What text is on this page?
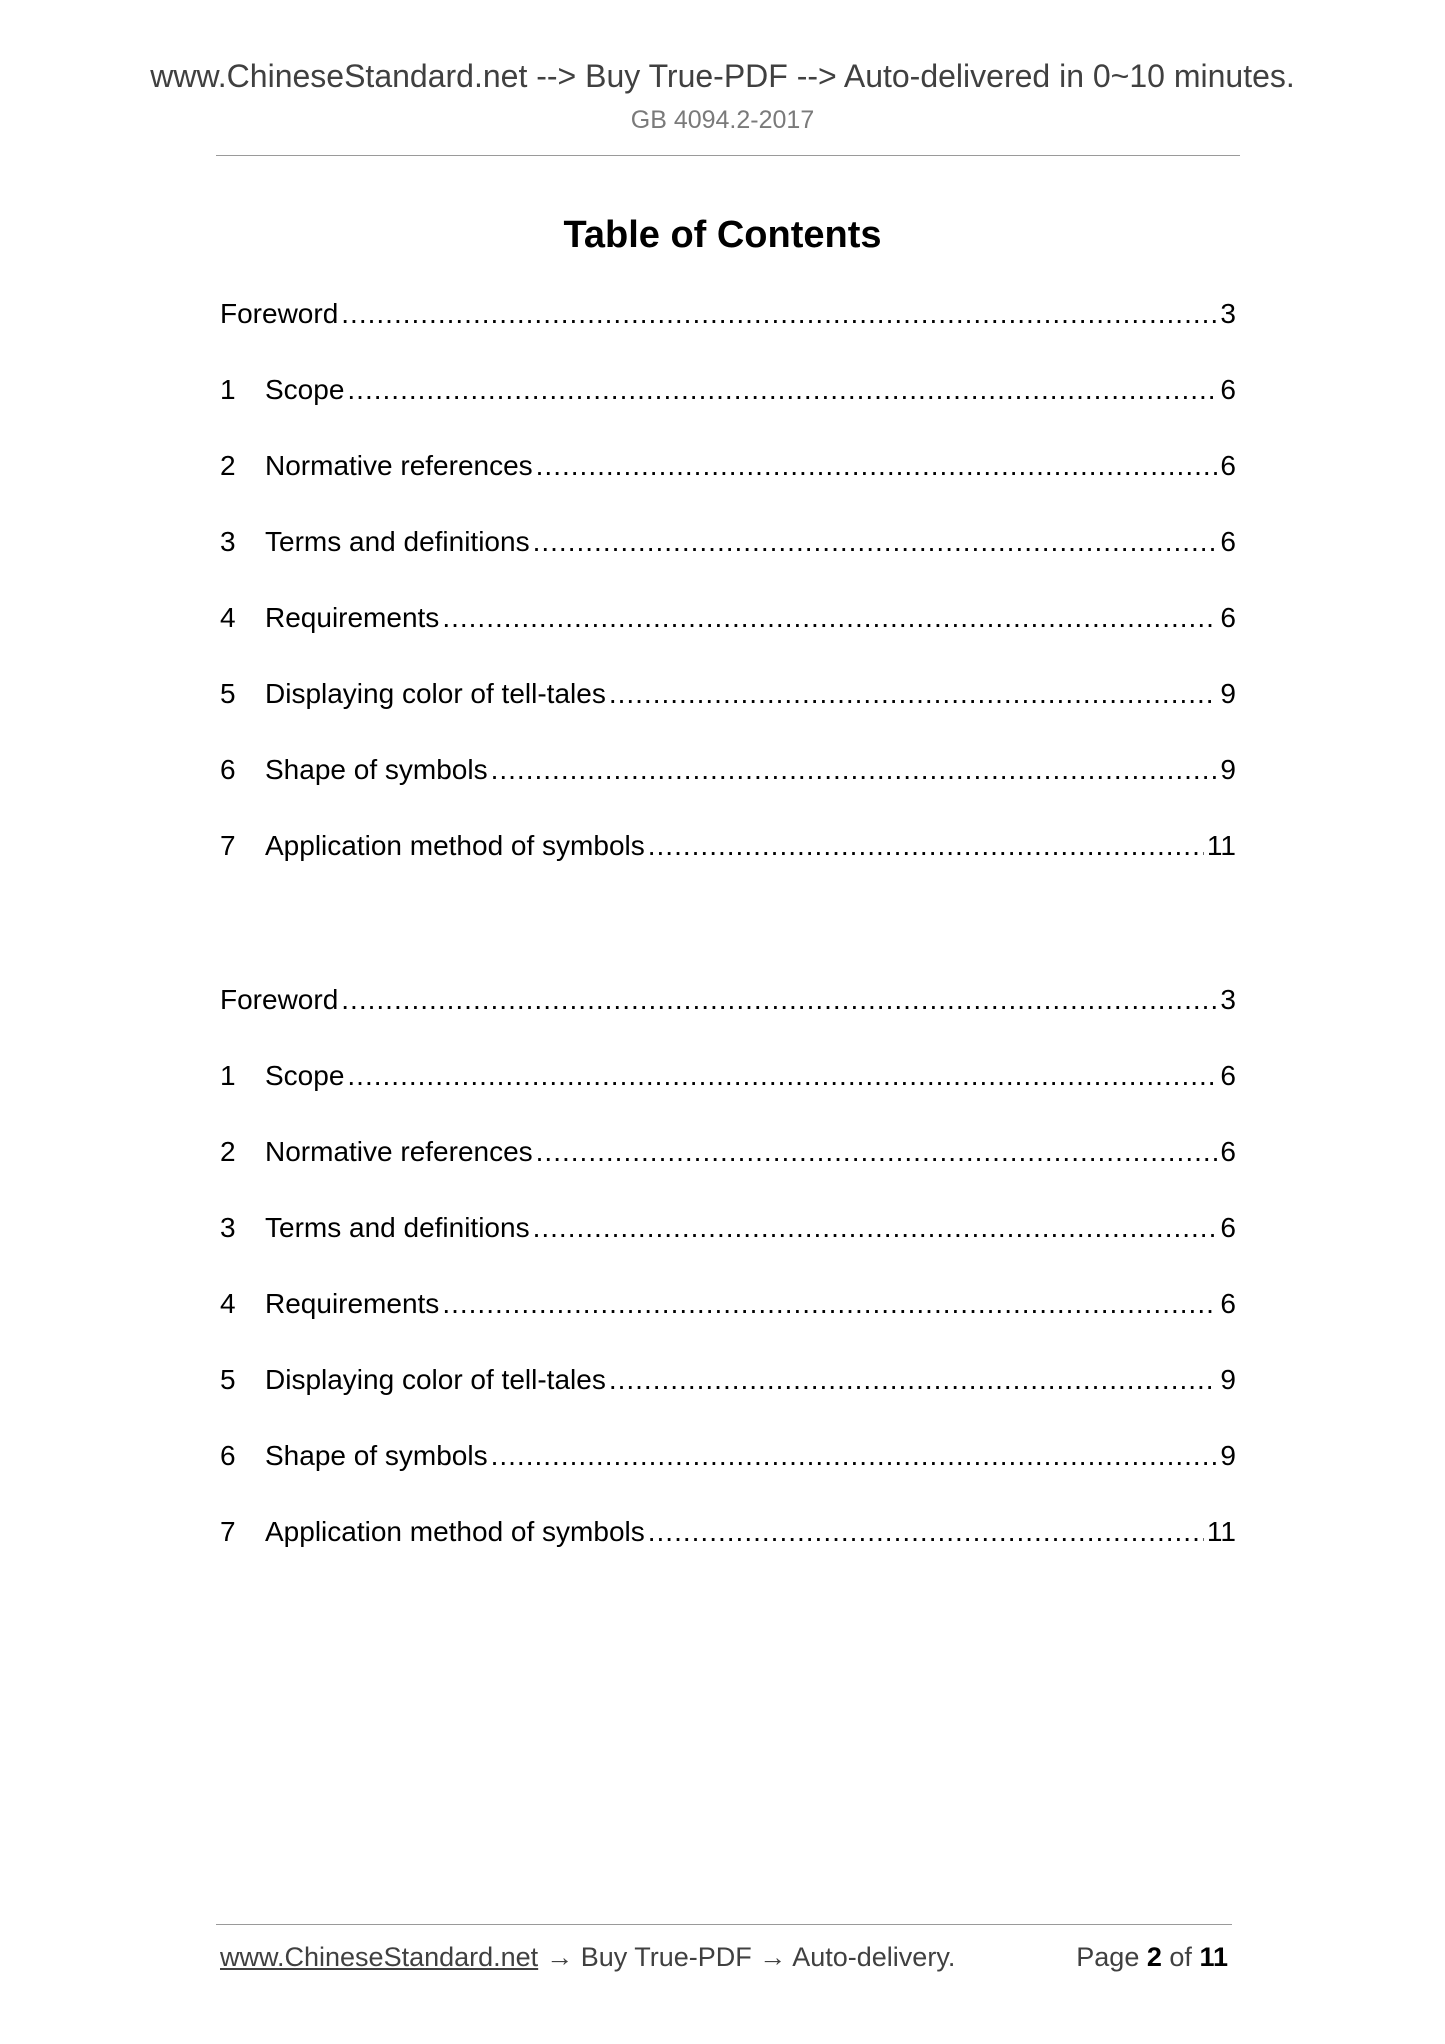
www.ChineseStandard.net --> Buy True-PDF --> Auto-delivered in 0~10 minutes.
GB 4094.2-2017
Table of Contents
Foreword .....	3
1	Scope .....	6
2	Normative references .....	6
3	Terms and definitions .....	6
4	Requirements .....	6
5	Displaying color of tell-tales .....	9
6	Shape of symbols .....	9
7	Application method of symbols .....	11
Foreword .....	3
1	Scope .....	6
2	Normative references .....	6
3	Terms and definitions .....	6
4	Requirements .....	6
5	Displaying color of tell-tales .....	9
6	Shape of symbols .....	9
7	Application method of symbols .....	11
www.ChineseStandard.net → Buy True-PDF → Auto-delivery.	Page 2 of 11
